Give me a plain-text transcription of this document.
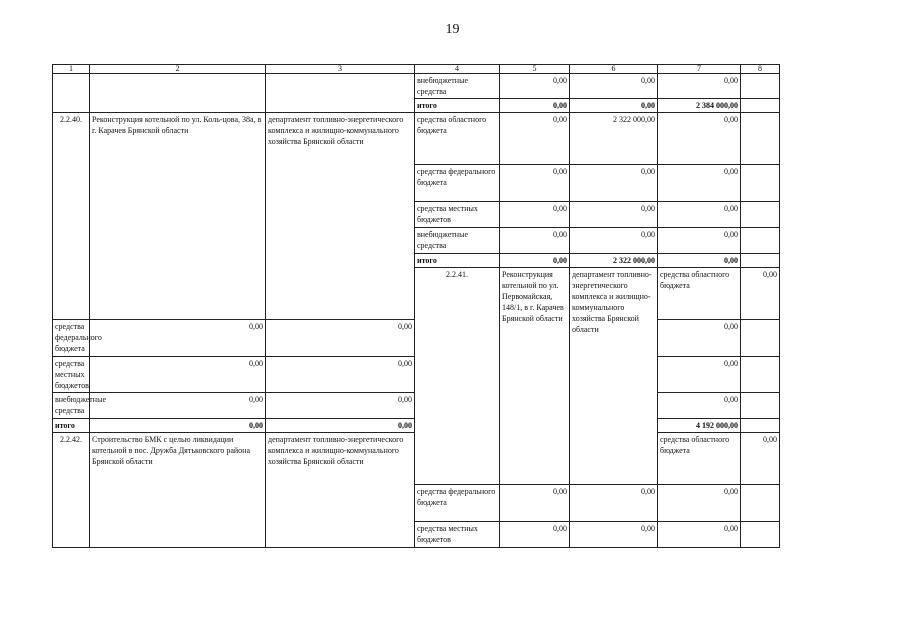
19
1	2	3	4	5	6	7	8	
			внебюджетные средства	0,00	0,00	0,00		
			итого	0,00	0,00	2 384 000,00		
2.2.40.	Реконструкция котельной по ул. Коль-цова, 38а, в г. Карачев Брянской области	департамент топливно-энергетического комплекса и жилищно-коммунального хозяйства Брянской области	средства областного бюджета	0,00	2 322 000,00	0,00		
			средства федерального бюджета	0,00	0,00	0,00		
			средства местных бюджетов	0,00	0,00	0,00		
			внебюджетные средства	0,00	0,00	0,00		
			итого	0,00	2 322 000,00	0,00		
			2.2.41.	Реконструкция котельной по ул. Первомайская, 148/1, в г. Карачев Брянской области	департамент топливно-энергетического комплекса и жилищно-коммунального хозяйства Брянской области	средства областного бюджета	0,00			
средства федерального бюджета	0,00	0,00				0,00		
средства местных бюджетов	0,00	0,00				0,00		
внебюджетные средства	0,00	0,00				0,00		
итого	0,00	0,00				4 192 000,00		
2.2.42.	Строительство БМК с целью ликвидации котельной в пос. Дружба Дятьковского района Брянской области	департамент топливно-энергетического комплекса и жилищно-коммунального хозяйства Брянской области				средства областного бюджета	0,00			
			средства федерального бюджета	0,00	0,00	0,00		
			средства местных бюджетов	0,00	0,00	0,00		
